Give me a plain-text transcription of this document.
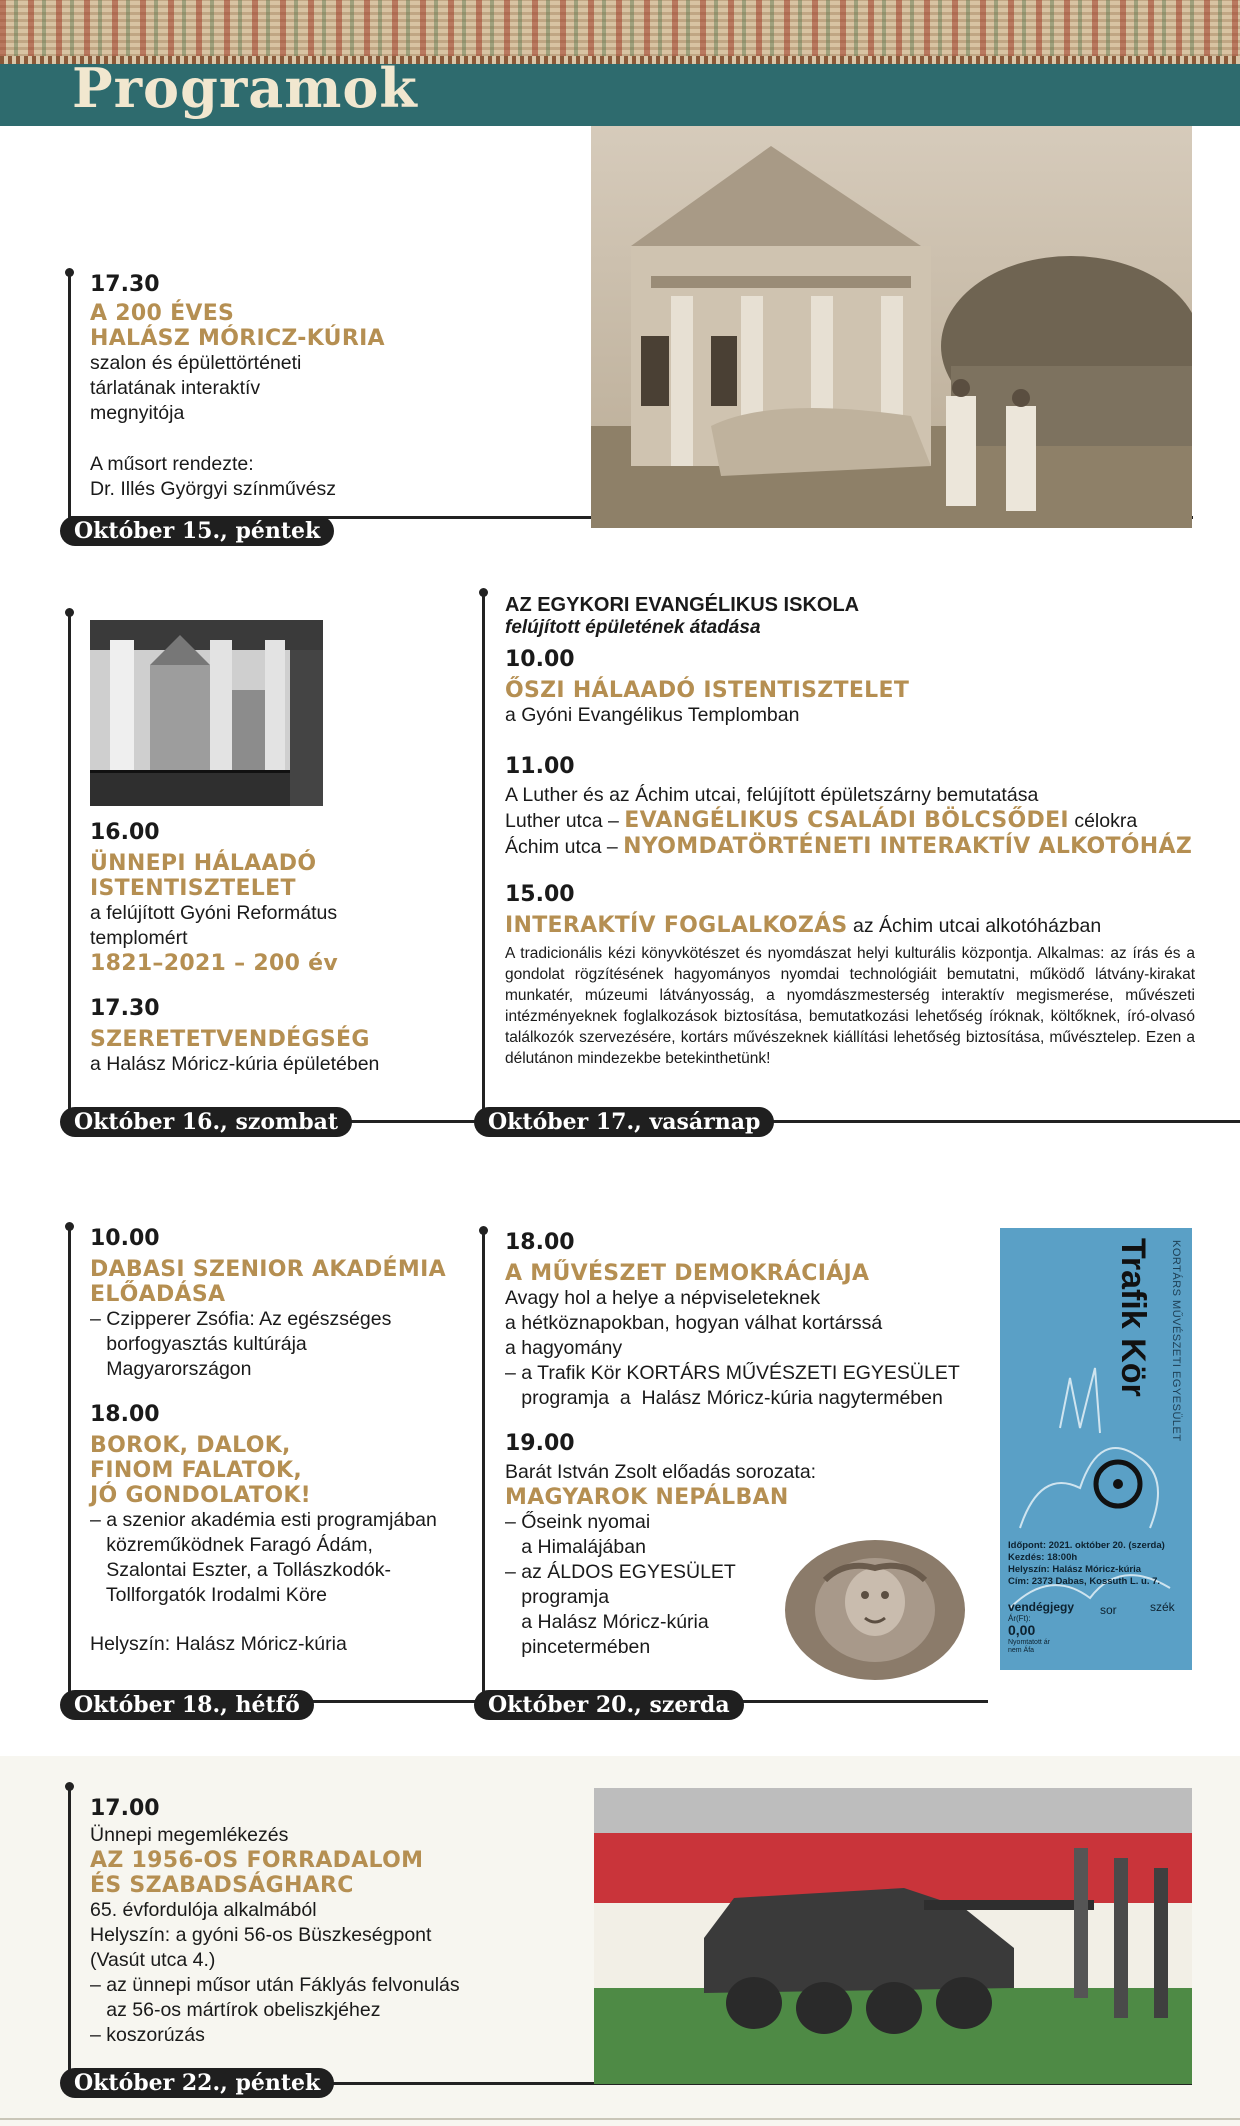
Programok
Október 15., péntek
17.30
A 200 ÉVES
HALÁSZ MÓRICZ-KÚRIA
szalon és épülettörténeti
tárlatának interaktív
megnyitója
A műsort rendezte:
Dr. Illés Györgyi színművész
Október 16., szombat
16.00
ÜNNEPI HÁLAADÓ
ISTENTISZTELET
a felújított Gyóni Református
templomért
1821–2021 – 200 év
17.30
SZERETETVENDÉGSÉG
a Halász Móricz-kúria épületében
Október 17., vasárnap
AZ EGYKORI EVANGÉLIKUS ISKOLA
felújított épületének átadása
10.00
ŐSZI HÁLAADÓ ISTENTISZTELET
a Gyóni Evangélikus Templomban
11.00
A Luther és az Áchim utcai, felújított épületszárny bemutatása
Luther utca – EVANGÉLIKUS CSALÁDI BÖLCSŐDEI célokra
Áchim utca – NYOMDATÖRTÉNETI INTERAKTÍV ALKOTÓHÁZ
15.00
INTERAKTÍV FOGLALKOZÁS az Áchim utcai alkotóházban
A tradicionális kézi könyvkötészet és nyomdászat helyi kulturális központja. Alkalmas: az írás és a gondolat rögzítésének hagyományos nyomdai technológiáit bemutatni, működő látvány-kirakat munkatér, múzeumi látványosság, a nyomdászmesterség interaktív megismerése, művészeti intézményeknek foglalkozások biztosítása, bemutatkozási lehetőség íróknak, költőknek, író-olvasó találkozók szervezésére, kortárs művészeknek kiállítási lehetőség biztosítása, művésztelep. Ezen a délutánon mindezekbe betekinthetünk!
Október 18., hétfő
10.00
DABASI SZENIOR AKADÉMIA
ELŐADÁSA
– Czipperer Zsófia: Az egészséges
borfogyasztás kultúrája
Magyarországon
18.00
BOROK, DALOK,
FINOM FALATOK,
JÓ GONDOLATOK!
– a szenior akadémia esti programjában
közreműködnek Faragó Ádám,
Szalontai Eszter, a Tollászkodók-
Tollforgatók Irodalmi Köre
Helyszín: Halász Móricz-kúria
Október 20., szerda
18.00
A MŰVÉSZET DEMOKRÁCIÁJA
Avagy hol a helye a népviseleteknek
a hétköznapokban, hogyan válhat kortárssá
a hagyomány
– a Trafik Kör KORTÁRS MŰVÉSZETI EGYESÜLET
programja  a  Halász Móricz-kúria nagytermében
19.00
Barát István Zsolt előadás sorozata:
MAGYAROK NEPÁLBAN
– Őseink nyomai
a Himalájában
– az ÁLDOS EGYESÜLET
programja
a Halász Móricz-kúria
pincetermében
Trafik Kör	KORTÁRS MŰVÉSZETI EGYESÜLET
Időpont: 2021. október 20. (szerda)
Kezdés: 18:00h
Helyszín: Halász Móricz-kúria
Cím: 2373 Dabas, Kossuth L. u. 7.
vendégjegy sor	szék
Ár(Ft):
0,00
Nyomtatott ár
nem Áfa
Október 22., péntek
17.00
Ünnepi megemlékezés
AZ 1956-OS FORRADALOM
ÉS SZABADSÁGHARC
65. évfordulója alkalmából
Helyszín: a gyóni 56-os Büszkeségpont
(Vasút utca 4.)
– az ünnepi műsor után Fáklyás felvonulás
az 56-os mártírok obeliszkjéhez
– koszorúzás
